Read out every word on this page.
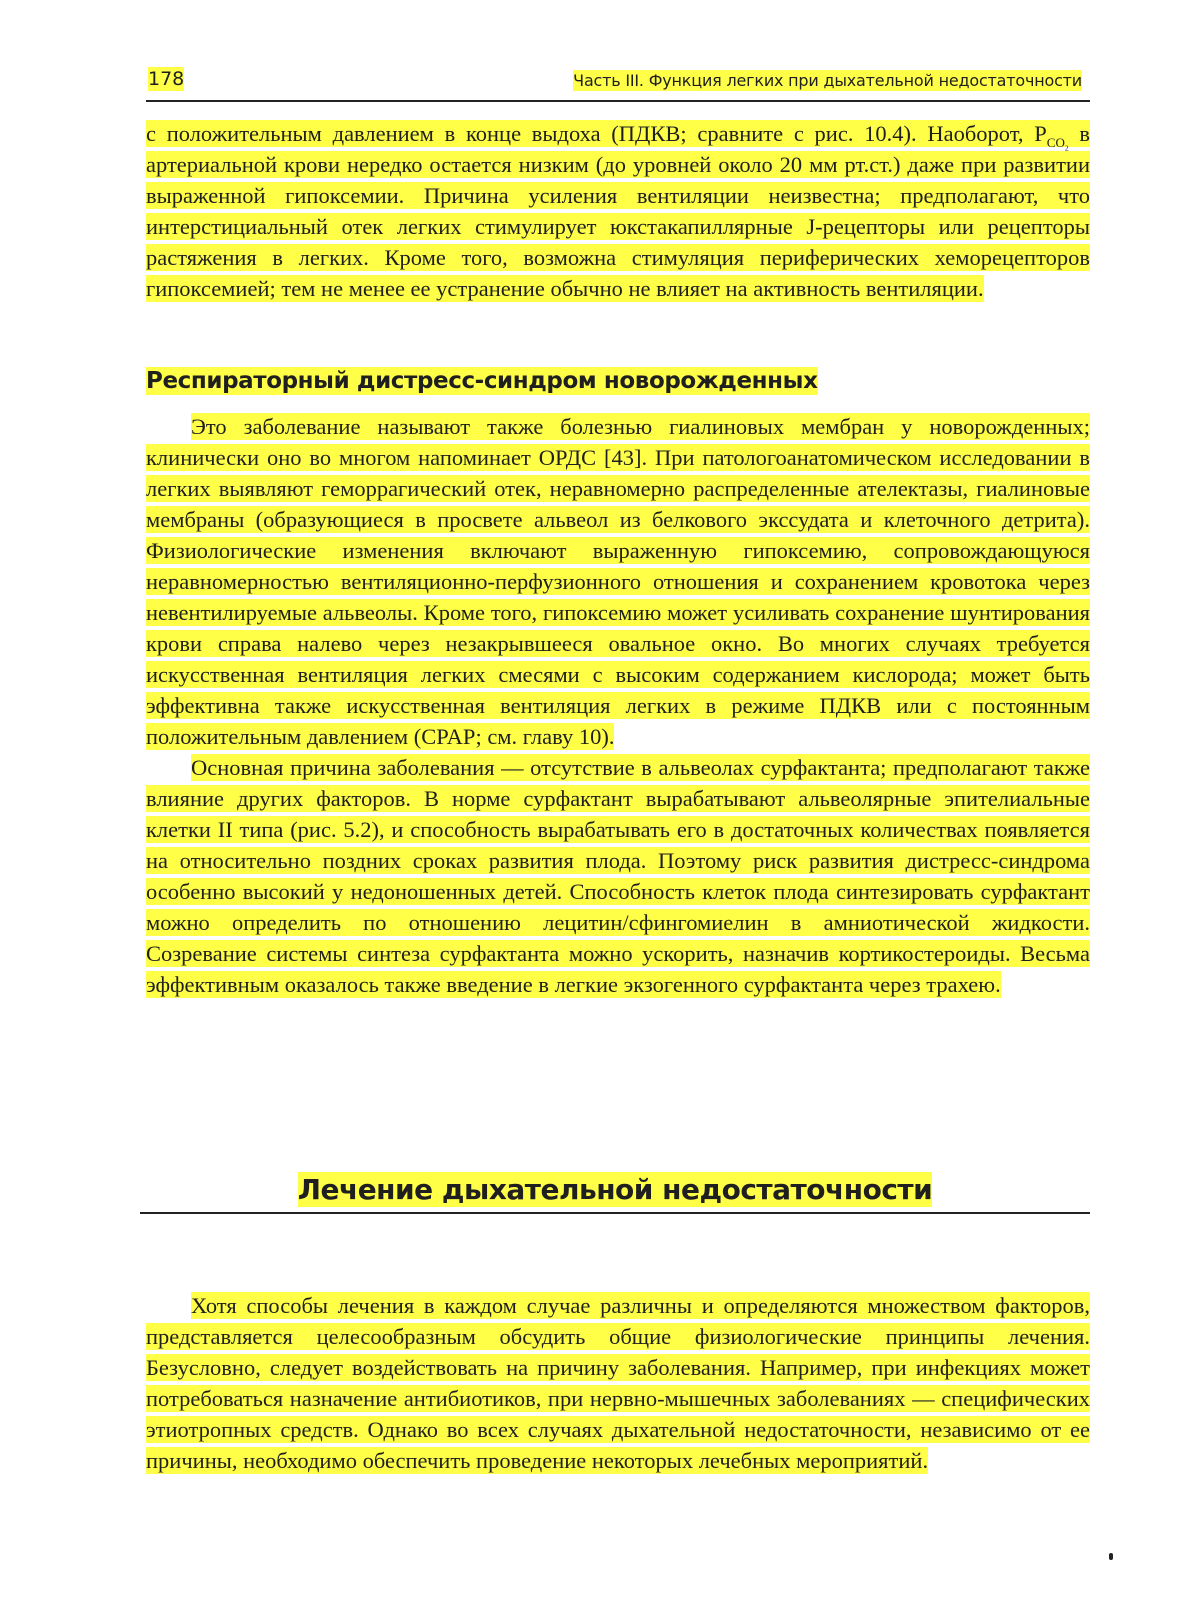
178	Часть III. Функция легких при дыхательной недостаточности

с положительным давлением в конце выдоха (ПДКВ; сравните с рис. 10.4). Наоборот, $P_{CO_2}$ в артериальной крови нередко остается низким (до уровней около 20 мм рт.ст.) даже при развитии выраженной гипоксемии. Причина усиления вентиляции неизвестна; предполагают, что интерстициальный отек легких стимулирует юкстакапиллярные J-рецепторы или рецепторы растяжения в легких. Кроме того, возможна стимуляция периферических хеморецепторов гипоксемией; тем не менее ее устранение обычно не влияет на активность вентиляции.

Респираторный дистресс-синдром новорожденных

Это заболевание называют также болезнью гиалиновых мембран у новорожденных; клинически оно во многом напоминает ОРДС [43]. При патологоанатомическом исследовании в легких выявляют геморрагический отек, неравномерно распределенные ателектазы, гиалиновые мембраны (образующиеся в просвете альвеол из белкового экссудата и клеточного детрита). Физиологические изменения включают выраженную гипоксемию, сопровождающуюся неравномерностью вентиляционно-перфузионного отношения и сохранением кровотока через невентилируемые альвеолы. Кроме того, гипоксемию может усиливать сохранение шунтирования крови справа налево через незакрывшееся овальное окно. Во многих случаях требуется искусственная вентиляция легких смесями с высоким содержанием кислорода; может быть эффективна также искусственная вентиляция легких в режиме ПДКВ или с постоянным положительным давлением (CPAP; см. главу 10).

Основная причина заболевания — отсутствие в альвеолах сурфактанта; предполагают также влияние других факторов. В норме сурфактант вырабатывают альвеолярные эпителиальные клетки II типа (рис. 5.2), и способность вырабатывать его в достаточных количествах появляется на относительно поздних сроках развития плода. Поэтому риск развития дистресс-синдрома особенно высокий у недоношенных детей. Способность клеток плода синтезировать сурфактант можно определить по отношению лецитин/сфингомиелин в амниотической жидкости. Созревание системы синтеза сурфактанта можно ускорить, назначив кортикостероиды. Весьма эффективным оказалось также введение в легкие экзогенного сурфактанта через трахею.

Лечение дыхательной недостаточности

Хотя способы лечения в каждом случае различны и определяются множеством факторов, представляется целесообразным обсудить общие физиологические принципы лечения. Безусловно, следует воздействовать на причину заболевания. Например, при инфекциях может потребоваться назначение антибиотиков, при нервно-мышечных заболеваниях — специфических этиотропных средств. Однако во всех случаях дыхательной недостаточности, независимо от ее причины, необходимо обеспечить проведение некоторых лечебных мероприятий.
